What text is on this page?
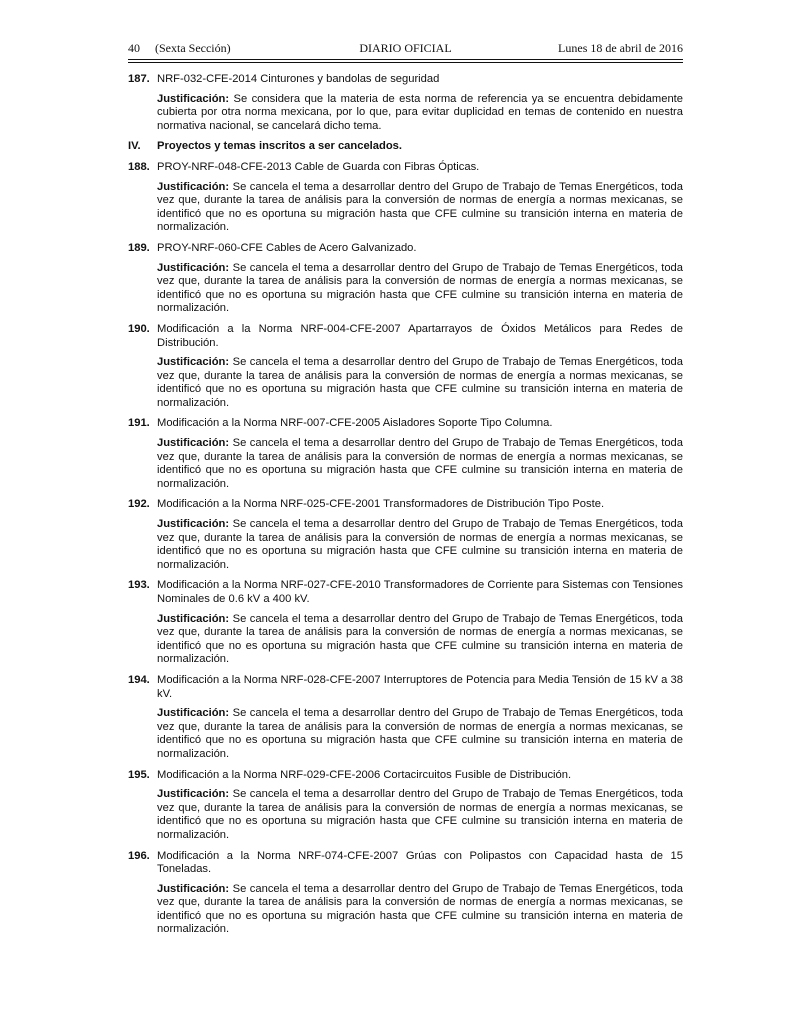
40 (Sexta Sección)	DIARIO OFICIAL	Lunes 18 de abril de 2016
187. NRF-032-CFE-2014 Cinturones y bandolas de seguridad
Justificación: Se considera que la materia de esta norma de referencia ya se encuentra debidamente cubierta por otra norma mexicana, por lo que, para evitar duplicidad en temas de contenido en nuestra normativa nacional, se cancelará dicho tema.
IV.	Proyectos y temas inscritos a ser cancelados.
188. PROY-NRF-048-CFE-2013 Cable de Guarda con Fibras Ópticas.
Justificación: Se cancela el tema a desarrollar dentro del Grupo de Trabajo de Temas Energéticos, toda vez que, durante la tarea de análisis para la conversión de normas de energía a normas mexicanas, se identificó que no es oportuna su migración hasta que CFE culmine su transición interna en materia de normalización.
189. PROY-NRF-060-CFE Cables de Acero Galvanizado.
Justificación: Se cancela el tema a desarrollar dentro del Grupo de Trabajo de Temas Energéticos, toda vez que, durante la tarea de análisis para la conversión de normas de energía a normas mexicanas, se identificó que no es oportuna su migración hasta que CFE culmine su transición interna en materia de normalización.
190. Modificación a la Norma NRF-004-CFE-2007 Apartarrayos de Óxidos Metálicos para Redes de Distribución.
Justificación: Se cancela el tema a desarrollar dentro del Grupo de Trabajo de Temas Energéticos, toda vez que, durante la tarea de análisis para la conversión de normas de energía a normas mexicanas, se identificó que no es oportuna su migración hasta que CFE culmine su transición interna en materia de normalización.
191. Modificación a la Norma NRF-007-CFE-2005 Aisladores Soporte Tipo Columna.
Justificación: Se cancela el tema a desarrollar dentro del Grupo de Trabajo de Temas Energéticos, toda vez que, durante la tarea de análisis para la conversión de normas de energía a normas mexicanas, se identificó que no es oportuna su migración hasta que CFE culmine su transición interna en materia de normalización.
192. Modificación a la Norma NRF-025-CFE-2001 Transformadores de Distribución Tipo Poste.
Justificación: Se cancela el tema a desarrollar dentro del Grupo de Trabajo de Temas Energéticos, toda vez que, durante la tarea de análisis para la conversión de normas de energía a normas mexicanas, se identificó que no es oportuna su migración hasta que CFE culmine su transición interna en materia de normalización.
193. Modificación a la Norma NRF-027-CFE-2010 Transformadores de Corriente para Sistemas con Tensiones Nominales de 0.6 kV a 400 kV.
Justificación: Se cancela el tema a desarrollar dentro del Grupo de Trabajo de Temas Energéticos, toda vez que, durante la tarea de análisis para la conversión de normas de energía a normas mexicanas, se identificó que no es oportuna su migración hasta que CFE culmine su transición interna en materia de normalización.
194. Modificación a la Norma NRF-028-CFE-2007 Interruptores de Potencia para Media Tensión de 15 kV a 38 kV.
Justificación: Se cancela el tema a desarrollar dentro del Grupo de Trabajo de Temas Energéticos, toda vez que, durante la tarea de análisis para la conversión de normas de energía a normas mexicanas, se identificó que no es oportuna su migración hasta que CFE culmine su transición interna en materia de normalización.
195. Modificación a la Norma NRF-029-CFE-2006 Cortacircuitos Fusible de Distribución.
Justificación: Se cancela el tema a desarrollar dentro del Grupo de Trabajo de Temas Energéticos, toda vez que, durante la tarea de análisis para la conversión de normas de energía a normas mexicanas, se identificó que no es oportuna su migración hasta que CFE culmine su transición interna en materia de normalización.
196. Modificación a la Norma NRF-074-CFE-2007 Grúas con Polipastos con Capacidad hasta de 15 Toneladas.
Justificación: Se cancela el tema a desarrollar dentro del Grupo de Trabajo de Temas Energéticos, toda vez que, durante la tarea de análisis para la conversión de normas de energía a normas mexicanas, se identificó que no es oportuna su migración hasta que CFE culmine su transición interna en materia de normalización.
